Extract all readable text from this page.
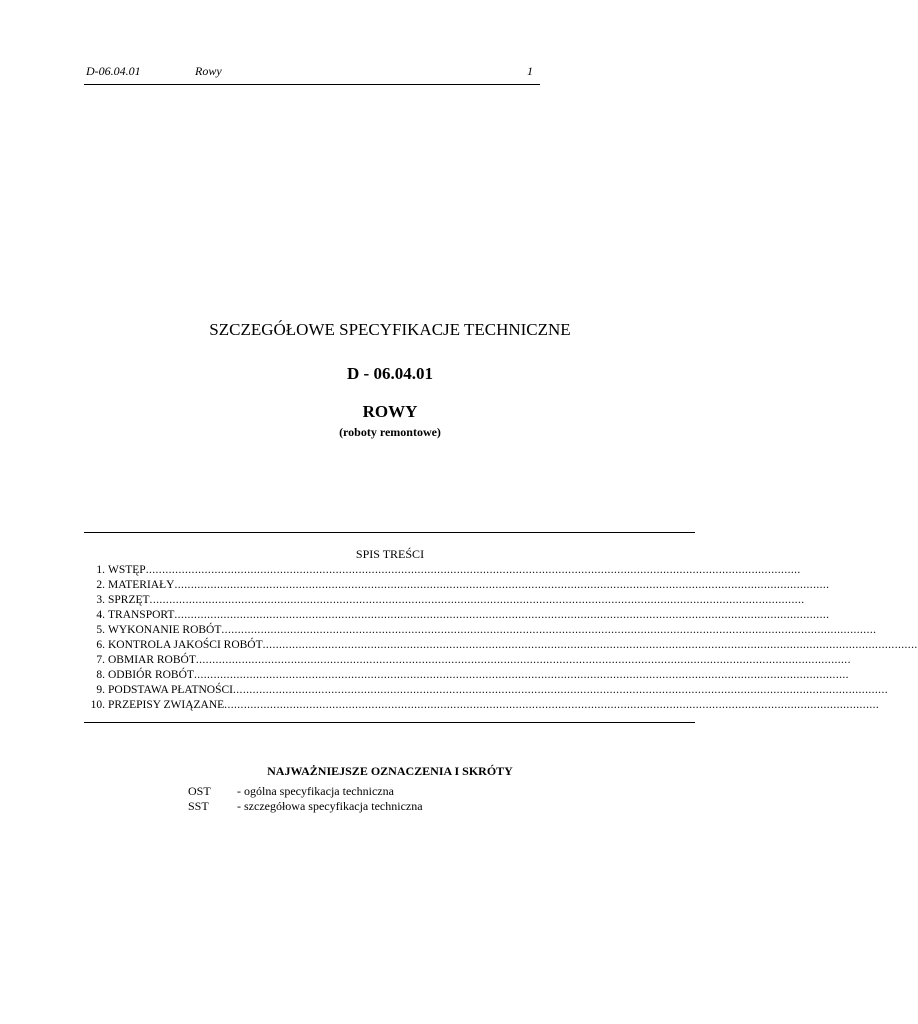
D-06.04.01	Rowy	1
SZCZEGÓŁOWE SPECYFIKACJE TECHNICZNE
D - 06.04.01
ROWY
(roboty remontowe)
SPIS TREŚCI
1. WSTĘP ........................................................................................................................................................................................................
2. MATERIAŁY ........................................................................................................................................................................................................
3. SPRZĘT ........................................................................................................................................................................................................
4. TRANSPORT ........................................................................................................................................................................................................
5. WYKONANIE ROBÓT ........................................................................................................................................................................................................
6. KONTROLA JAKOŚCI ROBÓT ........................................................................................................................................................................................................
7. OBMIAR ROBÓT ........................................................................................................................................................................................................
8. ODBIÓR ROBÓT ........................................................................................................................................................................................................
9. PODSTAWA PŁATNOŚCI ........................................................................................................................................................................................................
10. PRZEPISY ZWIĄZANE ........................................................................................................................................................................................................
NAJWAŻNIEJSZE OZNACZENIA I SKRÓTY
OST	- ogólna specyfikacja techniczna
SST	- szczegółowa specyfikacja techniczna
